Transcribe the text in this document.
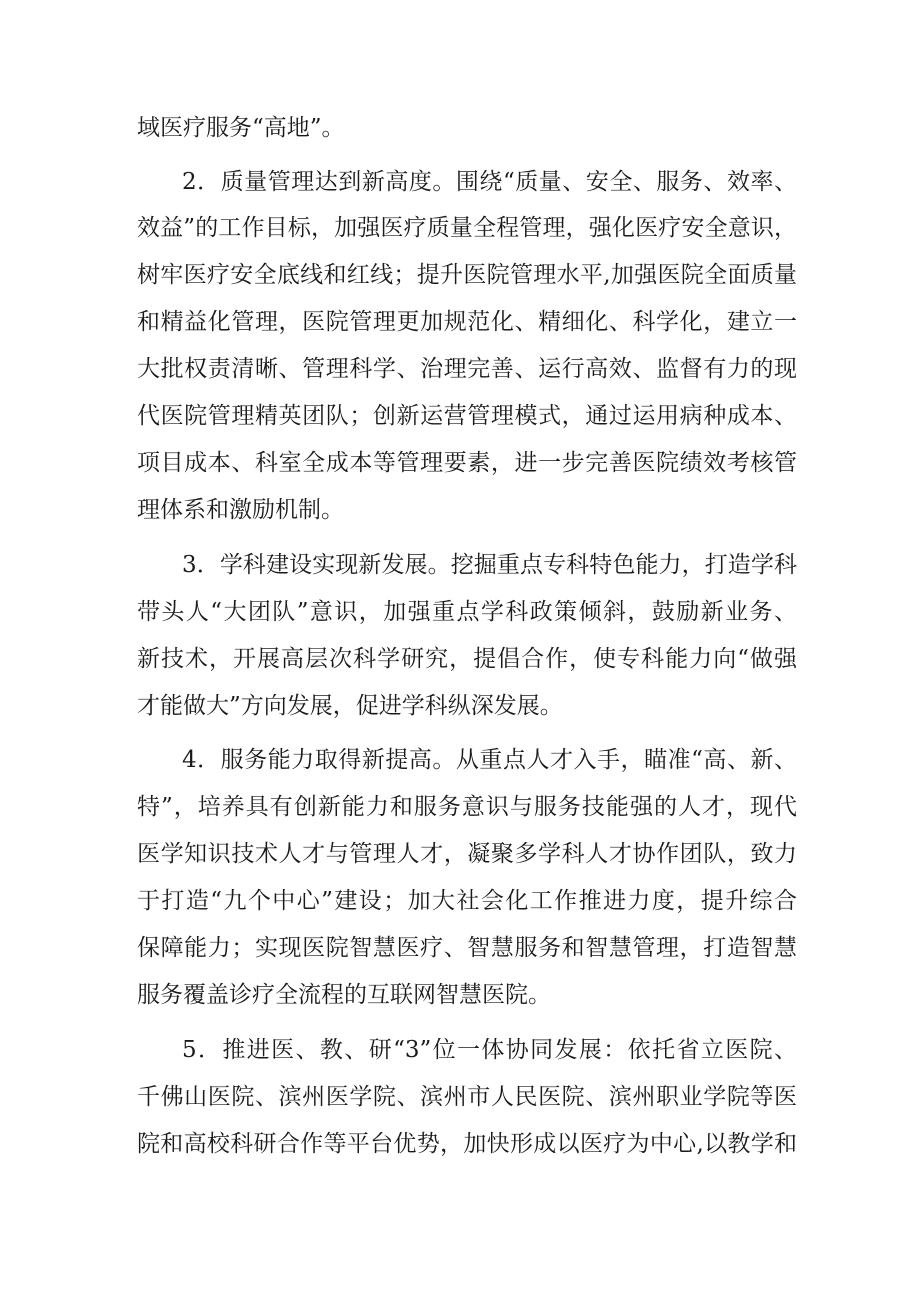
域医疗服务“高地”。
2．质量管理达到新高度。围绕“质量、安全、服务、效率、
效益”的工作目标，加强医疗质量全程管理，强化医疗安全意识，
树牢医疗安全底线和红线；提升医院管理水平,加强医院全面质量
和精益化管理，医院管理更加规范化、精细化、科学化，建立一
大批权责清晰、管理科学、治理完善、运行高效、监督有力的现
代医院管理精英团队；创新运营管理模式，通过运用病种成本、
项目成本、科室全成本等管理要素，进一步完善医院绩效考核管
理体系和激励机制。
3．学科建设实现新发展。挖掘重点专科特色能力，打造学科
带头人“大团队”意识，加强重点学科政策倾斜，鼓励新业务、
新技术，开展高层次科学研究，提倡合作，使专科能力向“做强
才能做大”方向发展，促进学科纵深发展。
4．服务能力取得新提高。从重点人才入手，瞄准“高、新、
特”，培养具有创新能力和服务意识与服务技能强的人才，现代
医学知识技术人才与管理人才，凝聚多学科人才协作团队，致力
于打造“九个中心”建设；加大社会化工作推进力度，提升综合
保障能力；实现医院智慧医疗、智慧服务和智慧管理，打造智慧
服务覆盖诊疗全流程的互联网智慧医院。
5．推进医、教、研“3”位一体协同发展：依托省立医院、
千佛山医院、滨州医学院、滨州市人民医院、滨州职业学院等医
院和高校科研合作等平台优势，加快形成以医疗为中心,以教学和
